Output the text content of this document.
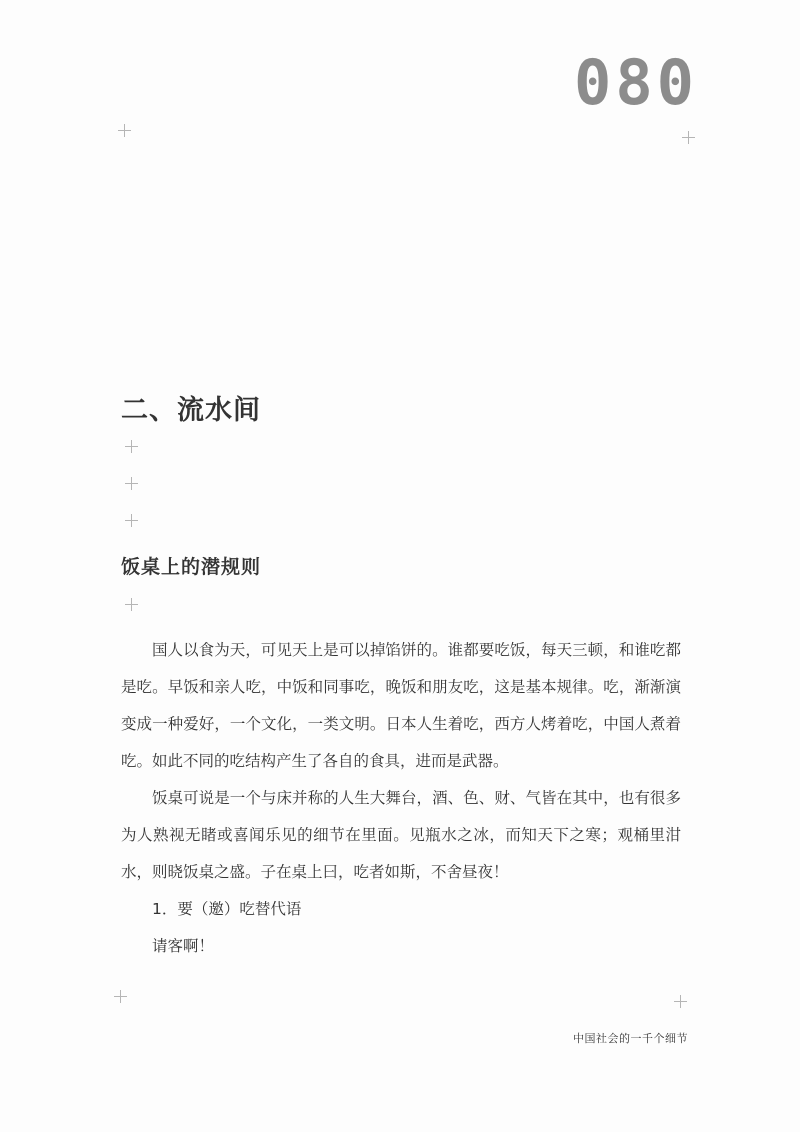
080
二、流水间
饭桌上的潜规则

国人以食为天，可见天上是可以掉馅饼的。谁都要吃饭，每天三顿，和谁吃都是吃。早饭和亲人吃，中饭和同事吃，晚饭和朋友吃，这是基本规律。吃，渐渐演变成一种爱好，一个文化，一类文明。日本人生着吃，西方人烤着吃，中国人煮着吃。如此不同的吃结构产生了各自的食具，进而是武器。

饭桌可说是一个与床并称的人生大舞台，酒、色、财、气皆在其中，也有很多为人熟视无睹或喜闻乐见的细节在里面。见瓶水之冰，而知天下之寒；观桶里泔水，则晓饭桌之盛。子在桌上曰，吃者如斯，不舍昼夜！

1．要（邀）吃替代语

请客啊！

中国社会的一千个细节
